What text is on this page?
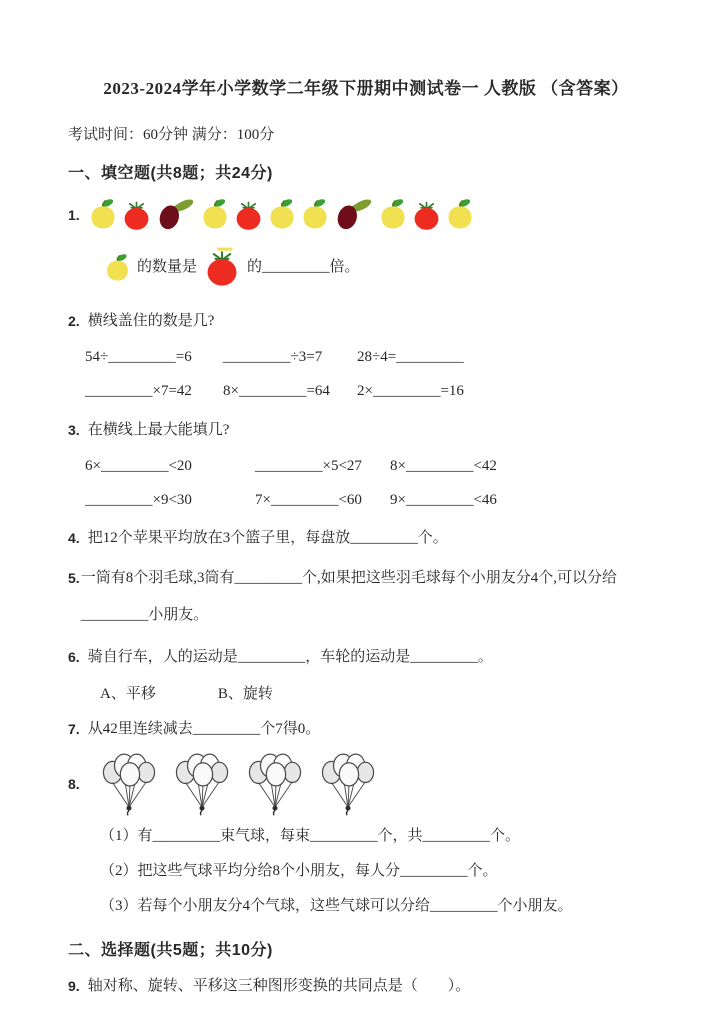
2023-2024学年小学数学二年级下册期中测试卷一 人教版 （含答案）

考试时间：60分钟 满分：100分

一、填空题(共8题；共24分)
1.
的数量是	的_________倍。
2. 横线盖住的数是几?
54÷_________=6	_________÷3=7	28÷4=_________
_________×7=42	8×_________=64	2×_________=16
3. 在横线上最大能填几?
6×_________<20	_________×5<27	8×_________<42
_________×9<30	7×_________<60	9×_________<46
4. 把12个苹果平均放在3个篮子里，每盘放_________个。
5. 一筒有8个羽毛球,3筒有_________个,如果把这些羽毛球每个小朋友分4个,可以分给_________小朋友。
6. 骑自行车，人的运动是_________，车轮的运动是_________。
A、平移	B、旋转
7. 从42里连续减去_________个7得0。
8.
（1）有_________束气球，每束_________个，共_________个。
（2）把这些气球平均分给8个小朋友，每人分_________个。
（3）若每个小朋友分4个气球，这些气球可以分给_________个小朋友。
二、选择题(共5题；共10分)
9. 轴对称、旋转、平移这三种图形变换的共同点是（　　）。
